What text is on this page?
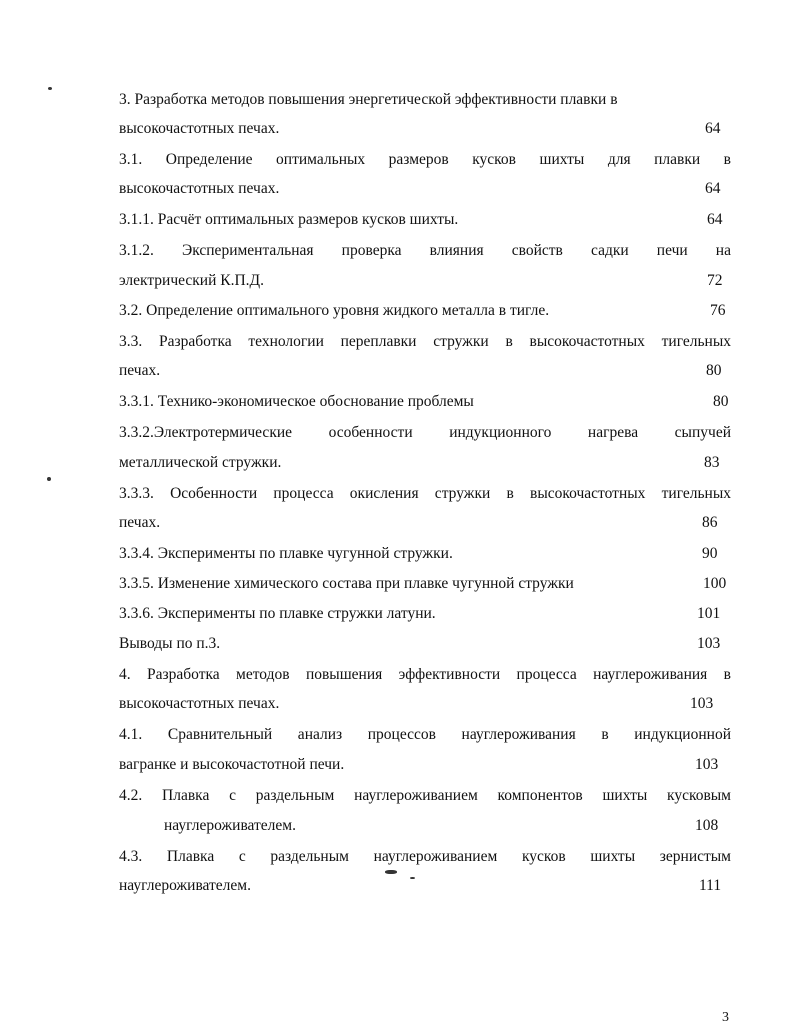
3. Разработка методов повышения энергетической эффективности плавки в
высокочастотных печах.	64
3.1. Определение оптимальных размеров кусков шихты для плавки в
высокочастотных печах.	64
3.1.1. Расчёт оптимальных размеров кусков шихты.	64
3.1.2. Экспериментальная проверка влияния свойств садки печи на
электрический К.П.Д.	72
3.2. Определение оптимального уровня жидкого металла в тигле.	76
3.3. Разработка технологии переплавки стружки в высокочастотных тигельных
печах.	80
3.3.1. Технико-экономическое обоснование проблемы	80
3.3.2.Электротермические особенности индукционного нагрева сыпучей
металлической стружки.	83
3.3.3. Особенности процесса окисления стружки в высокочастотных тигельных
печах.	86
3.3.4. Эксперименты по плавке чугунной стружки.	90
3.3.5. Изменение химического состава при плавке чугунной стружки	100
3.3.6. Эксперименты по плавке стружки латуни.	101
Выводы по п.3.	103
4. Разработка методов повышения эффективности процесса науглероживания в
высокочастотных печах.	103
4.1. Сравнительный анализ процессов науглероживания в индукционной
вагранке и высокочастотной печи.	103
4.2. Плавка с раздельным науглероживанием компонентов шихты кусковым
науглероживателем.	108
4.3. Плавка с раздельным науглероживанием кусков шихты зернистым
науглероживателем.	111
3
